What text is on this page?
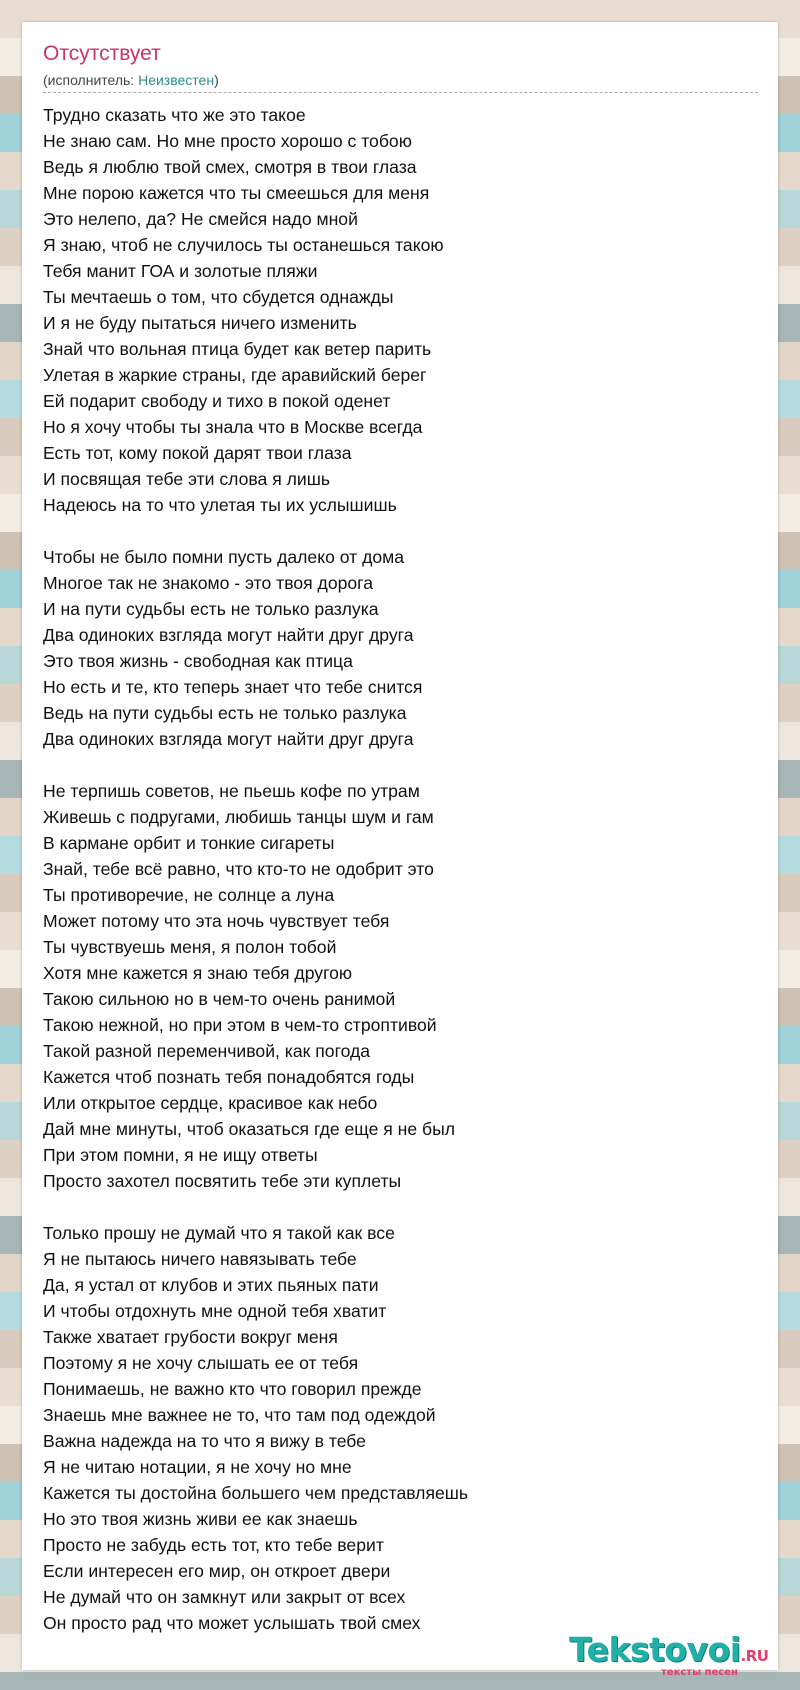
Отсутствует
(исполнитель: Неизвестен)
Трудно сказать что же это такое
Не знаю сам. Но мне просто хорошо с тобою
Ведь я люблю твой смех, смотря в твои глаза
Мне порою кажется что ты смеешься для меня
Это нелепо, да? Не смейся надо мной
Я знаю, чтоб не случилось ты останешься такою
Тебя манит ГОА и золотые пляжи
Ты мечтаешь о том, что сбудется однажды
И я не буду пытаться ничего изменить
Знай что вольная птица будет как ветер парить
Улетая в жаркие страны, где аравийский берег
Ей подарит свободу и тихо в покой оденет
Но я хочу чтобы ты знала что в Москве всегда
Есть тот, кому покой дарят твои глаза
И посвящая тебе эти слова я лишь
Надеюсь на то что улетая ты их услышишь
Чтобы не было помни пусть далеко от дома
Многое так не знакомо - это твоя дорога
И на пути судьбы есть не только разлука
Два одиноких взгляда могут найти друг друга
Это твоя жизнь - свободная как птица
Но есть и те, кто теперь знает что тебе снится
Ведь на пути судьбы есть не только разлука
Два одиноких взгляда могут найти друг друга
Не терпишь советов, не пьешь кофе по утрам
Живешь с подругами, любишь танцы шум и гам
В кармане орбит и тонкие сигареты
Знай, тебе всё равно, что кто-то не одобрит это
Ты противоречие, не солнце а луна
Может потому что эта ночь чувствует тебя
Ты чувствуешь меня, я полон тобой
Хотя мне кажется я знаю тебя другою
Такою сильною но в чем-то очень ранимой
Такою нежной, но при этом в чем-то строптивой
Такой разной переменчивой, как погода
Кажется чтоб познать тебя понадобятся годы
Или открытое сердце, красивое как небо
Дай мне минуты, чтоб оказаться где еще я не был
При этом помни, я не ищу ответы
Просто захотел посвятить тебе эти куплеты
Только прошу не думай что я такой как все
Я не пытаюсь ничего навязывать тебе
Да, я устал от клубов и этих пьяных пати
И чтобы отдохнуть мне одной тебя хватит
Также хватает грубости вокруг меня
Поэтому я не хочу слышать ее от тебя
Понимаешь, не важно кто что говорил прежде
Знаешь мне важнее не то, что там под одеждой
Важна надежда на то что я вижу в тебе
Я не читаю нотации, я не хочу но мне
Кажется ты достойна большего чем представляешь
Но это твоя жизнь живи ее как знаешь
Просто не забудь есть тот, кто тебе верит
Если интересен его мир, он откроет двери
Не думай что он замкнут или закрыт от всех
Он просто рад что может услышать твой смех
Tekstovoi.RU
тексты песен
